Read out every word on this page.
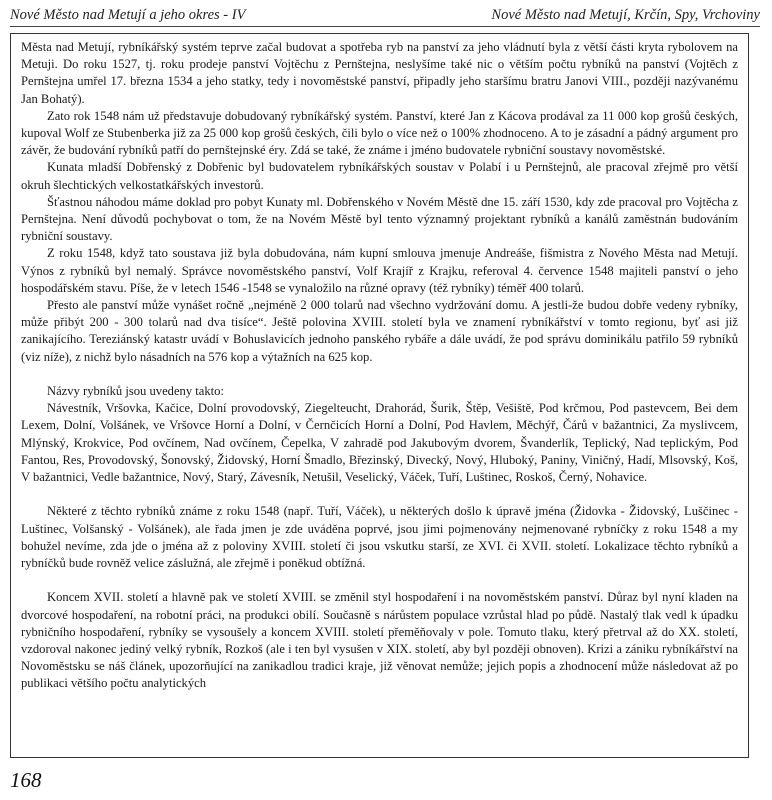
Nové Město nad Metují a jeho okres - IV	Nové Město nad Metují, Krčín, Spy, Vrchoviny

Města nad Metují, rybníkářský systém teprve začal budovat a spotřeba ryb na panství za jeho vládnutí byla z větší části kryta rybolovem na Metuji. Do roku 1527, tj. roku prodeje panství Vojtěchu z Pernštejna, neslyšíme také nic o větším počtu rybníků na panství (Vojtěch z Pernštejna umřel 17. března 1534 a jeho statky, tedy i novoměstské panství, připadly jeho staršímu bratru Janovi VIII., později nazývanému Jan Bohatý).

Zato rok 1548 nám už představuje dobudovaný rybníkářský systém. Panství, které Jan z Kácova prodával za 11 000 kop grošů českých, kupoval Wolf ze Stubenberka již za 25 000 kop grošů českých, čili bylo o více než o 100% zhodnoceno. A to je zásadní a pádný argument pro závěr, že budování rybníků patří do pernštejnské éry. Zdá se také, že známe i jméno budovatele rybniční soustavy novoměstské.

Kunata mladší Dobřenský z Dobřenic byl budovatelem rybníkářských soustav v Polabí i u Pernštejnů, ale pracoval zřejmě pro větší okruh šlechtických velkostatkářských investorů.

Šťastnou náhodou máme doklad pro pobyt Kunaty ml. Dobřenského v Novém Městě dne 15. září 1530, kdy zde pracoval pro Vojtěcha z Pernštejna. Není důvodů pochybovat o tom, že na Novém Městě byl tento významný projektant rybníků a kanálů zaměstnán budováním rybniční soustavy.

Z roku 1548, když tato soustava již byla dobudována, nám kupní smlouva jmenuje Andreáše, fišmistra z Nového Města nad Metují. Výnos z rybníků byl nemalý. Správce novoměstského panství, Volf Krajíř z Krajku, referoval 4. července 1548 majiteli panství o jeho hospodářském stavu. Píše, že v letech 1546 -1548 se vynaložilo na různé opravy (též rybníky) téměř 400 tolarů.

Přesto ale panství může vynášet ročně „nejméně 2 000 tolarů nad všechno vydržování domu. A jestli-že budou dobře vedeny rybníky, může přibýt 200 - 300 tolarů nad dva tisíce“. Ještě polovina XVIII. století byla ve znamení rybníkářství v tomto regionu, byť asi již zanikajícího. Tereziánský katastr uvádí v Bohuslavicích jednoho panského rybáře a dále uvádí, že pod správu dominikálu patřilo 59 rybníků (viz níže), z nichž bylo násadních na 576 kop a výtažních na 625 kop.

Názvy rybníků jsou uvedeny takto:

Návestník, Vršovka, Kačice, Dolní provodovský, Ziegelteucht, Drahorád, Šurik, Štěp, Vešiště, Pod krčmou, Pod pastevcem, Bei dem Lexem, Dolní, Volšánek, ve Vršovce Horní a Dolní, v Černčicích Horní a Dolní, Pod Havlem, Měchýř, Čárů v bažantnici, Za myslivcem, Mlýnský, Krokvice, Pod ovčínem, Nad ovčínem, Čepelka, V zahradě pod Jakubovým dvorem, Švanderlík, Teplický, Nad teplickým, Pod Fantou, Res, Provodovský, Šonovský, Židovský, Horní Šmadlo, Březinský, Divecký, Nový, Hluboký, Paniny, Viničný, Hadí, Mlsovský, Koš, V bažantnici, Vedle bažantnice, Nový, Starý, Závesník, Netušil, Veselický, Váček, Tuří, Luštinec, Roskoš, Černý, Nohavice.

Některé z těchto rybníků známe z roku 1548 (např. Tuří, Váček), u některých došlo k úpravě jména (Židovka - Židovský, Luščinec - Luštinec, Volšanský - Volšánek), ale řada jmen je zde uváděna poprvé, jsou jimi pojmenovány nejmenované rybníčky z roku 1548 a my bohužel nevíme, zda jde o jména až z poloviny XVIII. století či jsou vskutku starší, ze XVI. či XVII. století. Lokalizace těchto rybníků a rybníčků bude rovněž velice záslužná, ale zřejmě i poněkud obtížná.

Koncem XVII. století a hlavně pak ve století XVIII. se změnil styl hospodaření i na novoměstském panství. Důraz byl nyní kladen na dvorcové hospodaření, na robotní práci, na produkci obilí. Současně s nárůstem populace vzrůstal hlad po půdě. Nastalý tlak vedl k úpadku rybničního hospodaření, rybníky se vysoušely a koncem XVIII. století přeměňovaly v pole. Tomuto tlaku, který přetrval až do XX. století, vzdoroval nakonec jediný velký rybník, Rozkoš (ale i ten byl vysušen v XIX. století, aby byl později obnoven). Krizi a zániku rybníkářství na Novoměstsku se náš článek, upozorňující na zanikadlou tradici kraje, již věnovat nemůže; jejich popis a zhodnocení může následovat až po publikaci většího počtu analytických

168
